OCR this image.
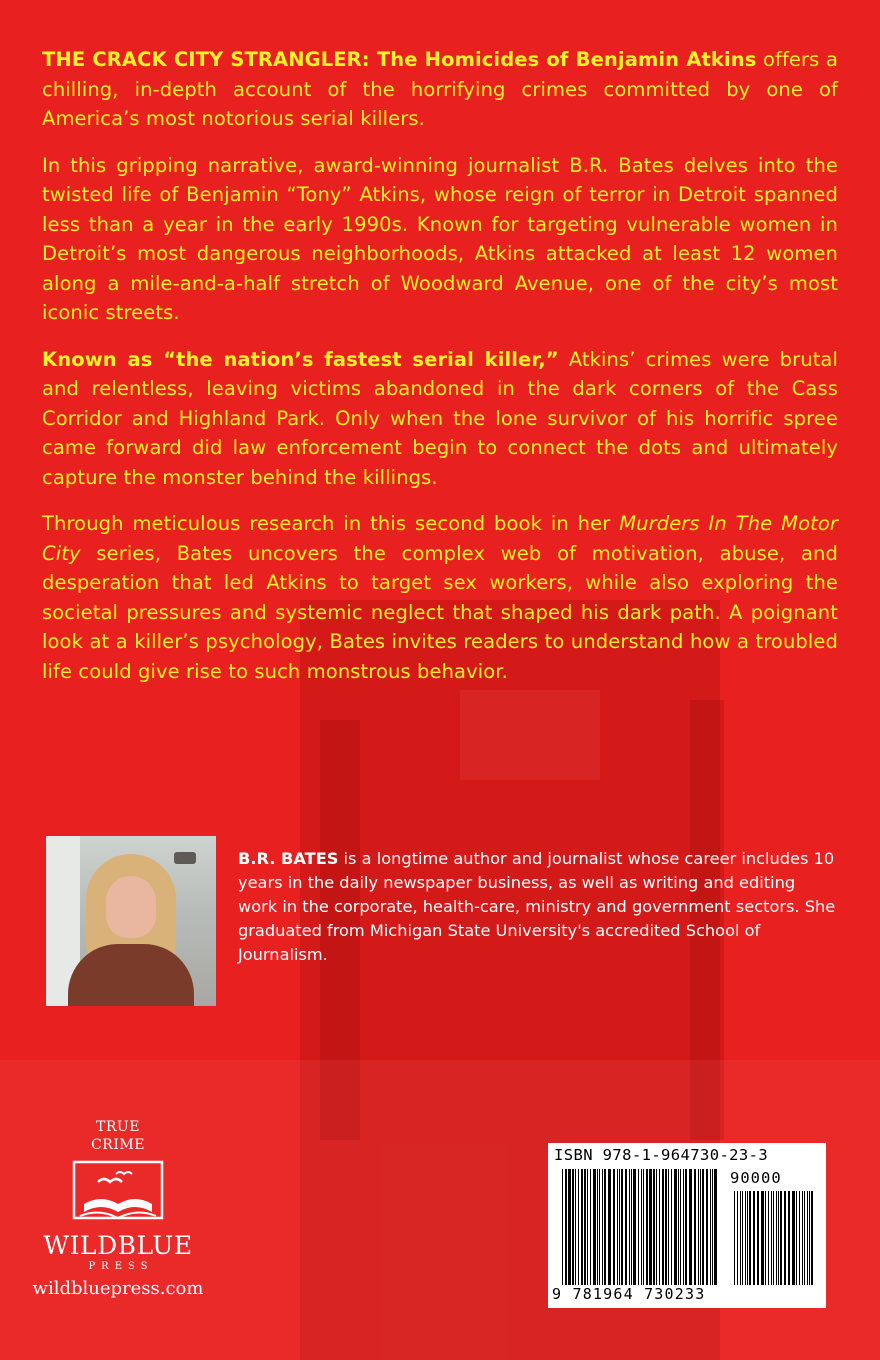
THE CRACK CITY STRANGLER: The Homicides of Benjamin Atkins offers a chilling, in-depth account of the horrifying crimes committed by one of America’s most notorious serial killers.

In this gripping narrative, award-winning journalist B.R. Bates delves into the twisted life of Benjamin “Tony” Atkins, whose reign of terror in Detroit spanned less than a year in the early 1990s. Known for targeting vulnerable women in Detroit’s most dangerous neighborhoods, Atkins attacked at least 12 women along a mile-and-a-half stretch of Woodward Avenue, one of the city’s most iconic streets.

Known as “the nation’s fastest serial killer,” Atkins’ crimes were brutal and relentless, leaving victims abandoned in the dark corners of the Cass Corridor and Highland Park. Only when the lone survivor of his horrific spree came forward did law enforcement begin to connect the dots and ultimately capture the monster behind the killings.

Through meticulous research in this second book in her Murders In The Motor City series, Bates uncovers the complex web of motivation, abuse, and desperation that led Atkins to target sex workers, while also exploring the societal pressures and systemic neglect that shaped his dark path. A poignant look at a killer’s psychology, Bates invites readers to understand how a troubled life could give rise to such monstrous behavior.

B.R. BATES is a longtime author and journalist whose career includes 10 years in the daily newspaper business, as well as writing and editing work in the corporate, health-care, ministry and government sectors. She graduated from Michigan State University's accredited School of Journalism.

TRUE
CRIME
WILDBLUE
PRESS
wildbluepress.com
ISBN 978-1-964730-23-3
90000
9 781964 730233
